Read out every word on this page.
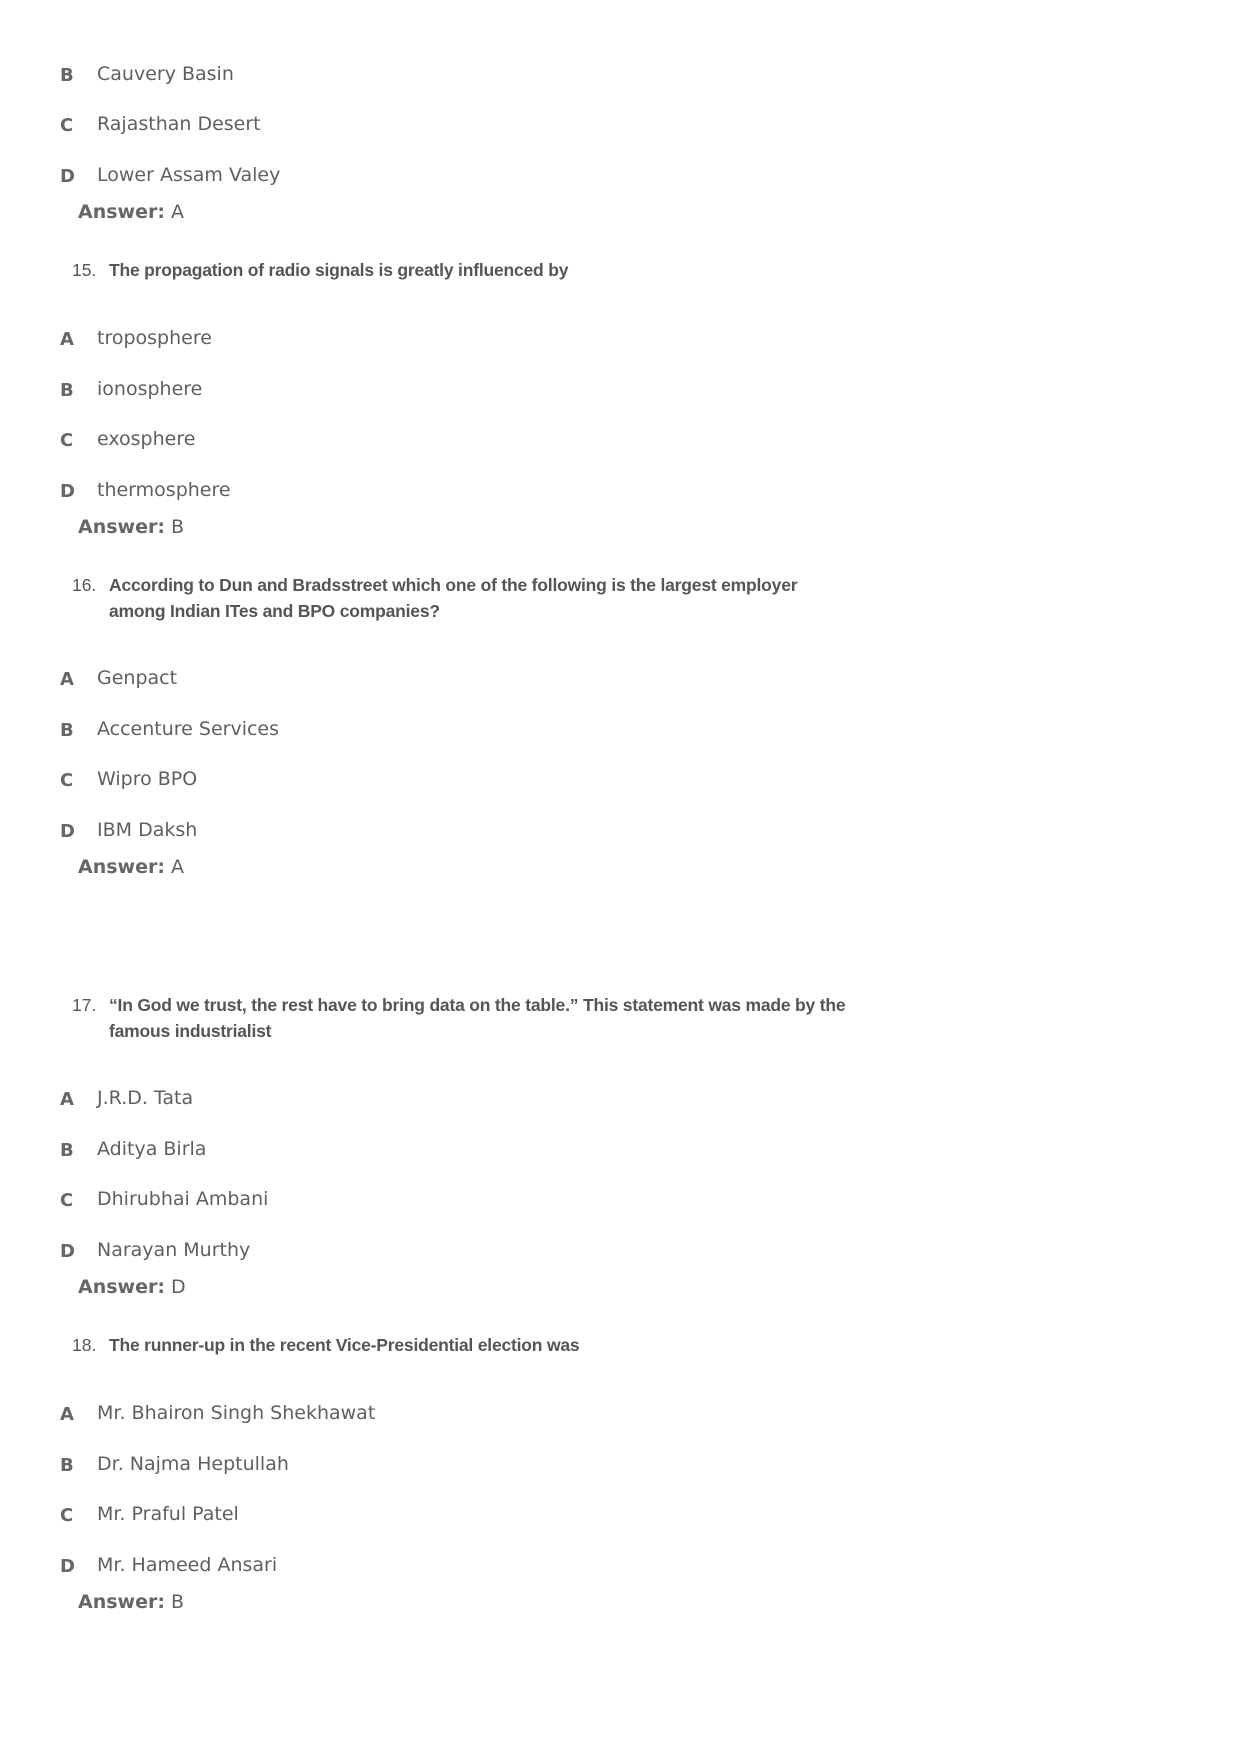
B Cauvery Basin
C Rajasthan Desert
D Lower Assam Valey
Answer: A
15. The propagation of radio signals is greatly influenced by
A troposphere
B ionosphere
C exosphere
D thermosphere
Answer: B
16. According to Dun and Bradsstreet which one of the following is the largest employer among Indian ITes and BPO companies?
A Genpact
B Accenture Services
C Wipro BPO
D IBM Daksh
Answer: A
17. “In God we trust, the rest have to bring data on the table.” This statement was made by the famous industrialist
A J.R.D. Tata
B Aditya Birla
C Dhirubhai Ambani
D Narayan Murthy
Answer: D
18. The runner-up in the recent Vice-Presidential election was
A Mr. Bhairon Singh Shekhawat
B Dr. Najma Heptullah
C Mr. Praful Patel
D Mr. Hameed Ansari
Answer: B
